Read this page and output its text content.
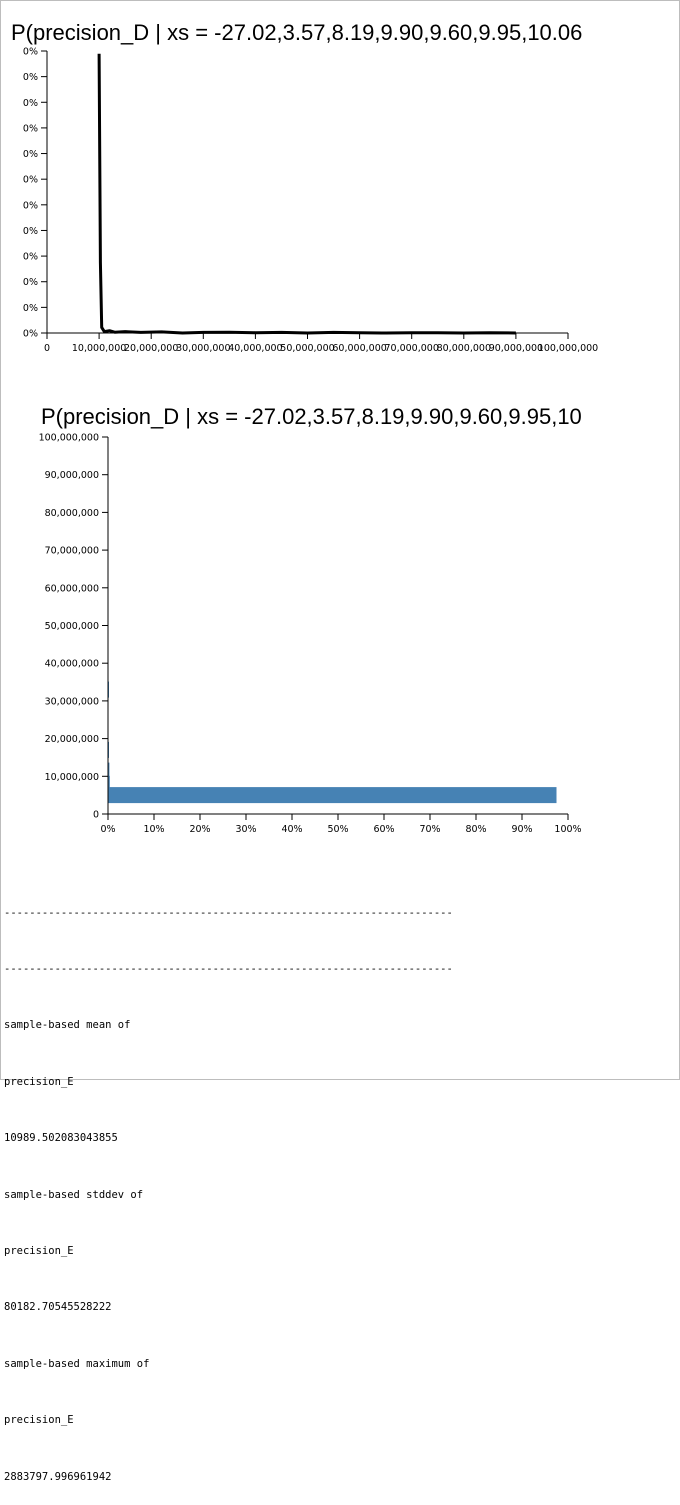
P(precision_D | xs = -27.02,3.57,8.19,9.90,9.60,9.95,10.06
0%
0%
0%
0%
0%
0%
0%
0%
0%
0%
0%
0%
0 10,000,000
20,000,000
30,000,000
40,000,000
50,000,000
60,000,000
70,000,000
80,000,000
90,000,000
100,000,000
P(precision_D | xs = -27.02,3.57,8.19,9.90,9.60,9.95,10
0
10,000,000
20,000,000
30,000,000
40,000,000
50,000,000
60,000,000
70,000,000
80,000,000
90,000,000
100,000,000
0%	10%	20%	30%	40%	50%	60%	70%	80%	90% 100%

-----------------------------------------------------------------------

-----------------------------------------------------------------------

sample-based mean of

precision_E

10989.502083043855

sample-based stddev of

precision_E

80182.70545528222

sample-based maximum of

precision_E

2883797.996961942
